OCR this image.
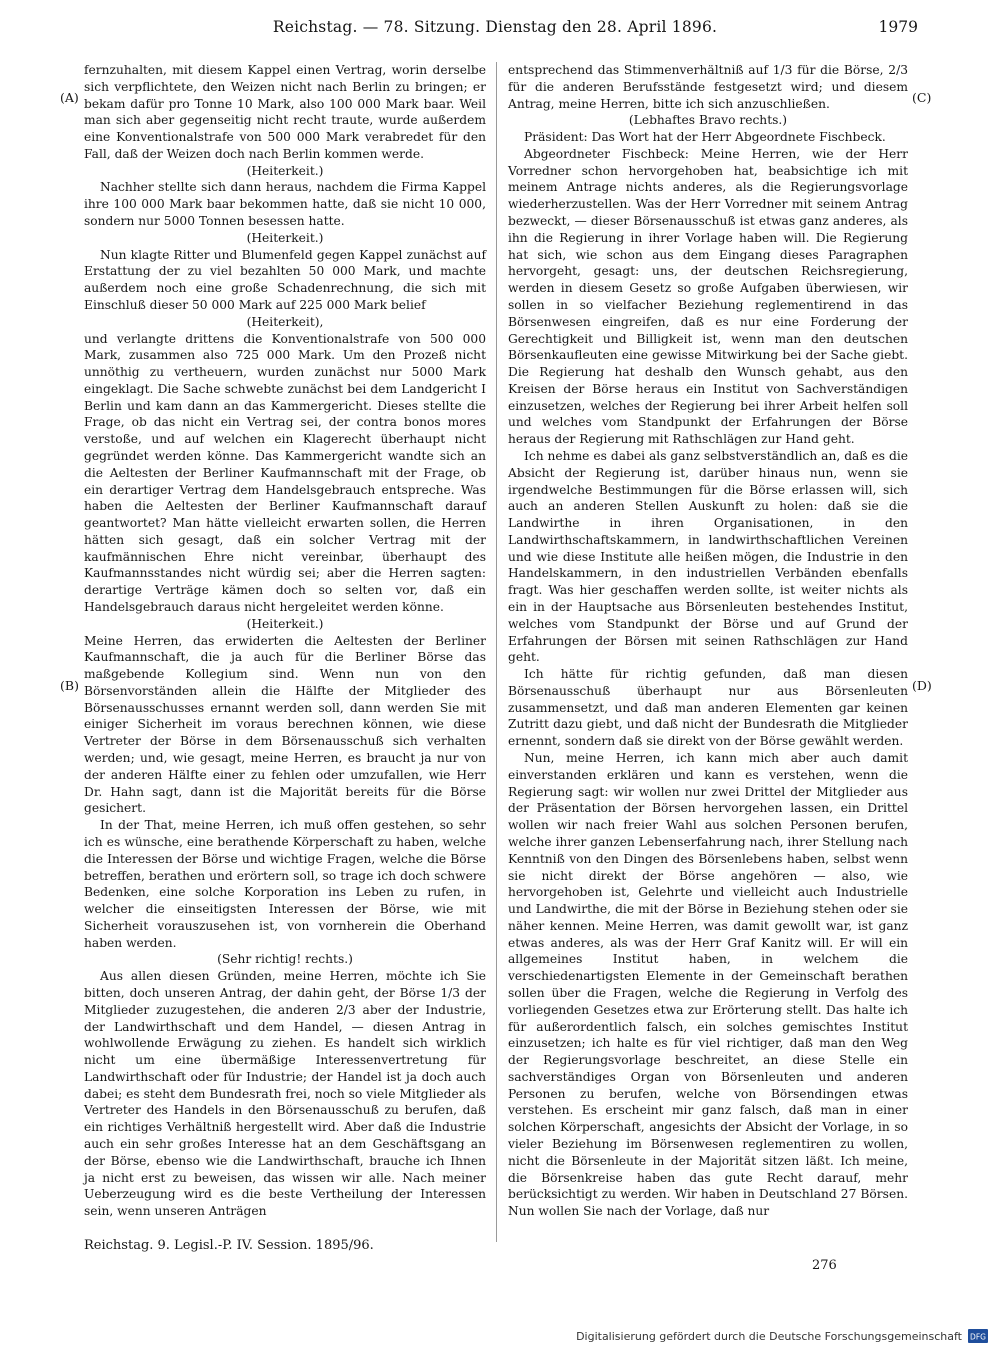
Reichstag. — 78. Sitzung. Dienstag den 28. April 1896.	1979
(A)
(B)
(C)
(D)

fernzuhalten, mit diesem Kappel einen Vertrag, worin derselbe sich verpflichtete, den Weizen nicht nach Berlin zu bringen; er bekam dafür pro Tonne 10 Mark, also 100 000 Mark baar. Weil man sich aber gegenseitig nicht recht traute, wurde außerdem eine Konventionalstrafe von 500 000 Mark verabredet für den Fall, daß der Weizen doch nach Berlin kommen werde.

(Heiterkeit.)

Nachher stellte sich dann heraus, nachdem die Firma Kappel ihre 100 000 Mark baar bekommen hatte, daß sie nicht 10 000, sondern nur 5000 Tonnen besessen hatte.

(Heiterkeit.)

Nun klagte Ritter und Blumenfeld gegen Kappel zunächst auf Erstattung der zu viel bezahlten 50 000 Mark, und machte außerdem noch eine große Schadenrechnung, die sich mit Einschluß dieser 50 000 Mark auf 225 000 Mark belief

(Heiterkeit),

und verlangte drittens die Konventionalstrafe von 500 000 Mark, zusammen also 725 000 Mark. Um den Prozeß nicht unnöthig zu vertheuern, wurden zunächst nur 5000 Mark eingeklagt. Die Sache schwebte zunächst bei dem Landgericht I Berlin und kam dann an das Kammergericht. Dieses stellte die Frage, ob das nicht ein Vertrag sei, der contra bonos mores verstoße, und auf welchen ein Klagerecht überhaupt nicht gegründet werden könne. Das Kammergericht wandte sich an die Aeltesten der Berliner Kaufmannschaft mit der Frage, ob ein derartiger Vertrag dem Handelsgebrauch entspreche. Was haben die Aeltesten der Berliner Kaufmannschaft darauf geantwortet? Man hätte vielleicht erwarten sollen, die Herren hätten sich gesagt, daß ein solcher Vertrag mit der kaufmännischen Ehre nicht vereinbar, überhaupt des Kaufmannsstandes nicht würdig sei; aber die Herren sagten: derartige Verträge kämen doch so selten vor, daß ein Handelsgebrauch daraus nicht hergeleitet werden könne.

(Heiterkeit.)

Meine Herren, das erwiderten die Aeltesten der Berliner Kaufmannschaft, die ja auch für die Berliner Börse das maßgebende Kollegium sind. Wenn nun von den Börsenvorständen allein die Hälfte der Mitglieder des Börsenausschusses ernannt werden soll, dann werden Sie mit einiger Sicherheit im voraus berechnen können, wie diese Vertreter der Börse in dem Börsenausschuß sich verhalten werden; und, wie gesagt, meine Herren, es braucht ja nur von der anderen Hälfte einer zu fehlen oder umzufallen, wie Herr Dr. Hahn sagt, dann ist die Majorität bereits für die Börse gesichert.

In der That, meine Herren, ich muß offen gestehen, so sehr ich es wünsche, eine berathende Körperschaft zu haben, welche die Interessen der Börse und wichtige Fragen, welche die Börse betreffen, berathen und erörtern soll, so trage ich doch schwere Bedenken, eine solche Korporation ins Leben zu rufen, in welcher die einseitigsten Interessen der Börse, wie mit Sicherheit vorauszusehen ist, von vornherein die Oberhand haben werden.

(Sehr richtig! rechts.)

Aus allen diesen Gründen, meine Herren, möchte ich Sie bitten, doch unseren Antrag, der dahin geht, der Börse 1/3 der Mitglieder zuzugestehen, die anderen 2/3 aber der Industrie, der Landwirthschaft und dem Handel, — diesen Antrag in wohlwollende Erwägung zu ziehen. Es handelt sich wirklich nicht um eine übermäßige Interessenvertretung für Landwirthschaft oder für Industrie; der Handel ist ja doch auch dabei; es steht dem Bundesrath frei, noch so viele Mitglieder als Vertreter des Handels in den Börsenausschuß zu berufen, daß ein richtiges Verhältniß hergestellt wird. Aber daß die Industrie auch ein sehr großes Interesse hat an dem Geschäftsgang an der Börse, ebenso wie die Landwirthschaft, brauche ich Ihnen ja nicht erst zu beweisen, das wissen wir alle. Nach meiner Ueberzeugung wird es die beste Vertheilung der Interessen sein, wenn unseren Anträgen

entsprechend das Stimmenverhältniß auf 1/3 für die Börse, 2/3 für die anderen Berufsstände festgesetzt wird; und diesem Antrag, meine Herren, bitte ich sich anzuschließen.

(Lebhaftes Bravo rechts.)

Präsident: Das Wort hat der Herr Abgeordnete Fischbeck.

Abgeordneter Fischbeck: Meine Herren, wie der Herr Vorredner schon hervorgehoben hat, beabsichtige ich mit meinem Antrage nichts anderes, als die Regierungsvorlage wiederherzustellen. Was der Herr Vorredner mit seinem Antrag bezweckt, — dieser Börsenausschuß ist etwas ganz anderes, als ihn die Regierung in ihrer Vorlage haben will. Die Regierung hat sich, wie schon aus dem Eingang dieses Paragraphen hervorgeht, gesagt: uns, der deutschen Reichsregierung, werden in diesem Gesetz so große Aufgaben überwiesen, wir sollen in so vielfacher Beziehung reglementirend in das Börsenwesen eingreifen, daß es nur eine Forderung der Gerechtigkeit und Billigkeit ist, wenn man den deutschen Börsenkaufleuten eine gewisse Mitwirkung bei der Sache giebt. Die Regierung hat deshalb den Wunsch gehabt, aus den Kreisen der Börse heraus ein Institut von Sachverständigen einzusetzen, welches der Regierung bei ihrer Arbeit helfen soll und welches vom Standpunkt der Erfahrungen der Börse heraus der Regierung mit Rathschlägen zur Hand geht.

Ich nehme es dabei als ganz selbstverständlich an, daß es die Absicht der Regierung ist, darüber hinaus nun, wenn sie irgendwelche Bestimmungen für die Börse erlassen will, sich auch an anderen Stellen Auskunft zu holen: daß sie die Landwirthe in ihren Organisationen, in den Landwirthschaftskammern, in landwirthschaftlichen Vereinen und wie diese Institute alle heißen mögen, die Industrie in den Handelskammern, in den industriellen Verbänden ebenfalls fragt. Was hier geschaffen werden sollte, ist weiter nichts als ein in der Hauptsache aus Börsenleuten bestehendes Institut, welches vom Standpunkt der Börse und auf Grund der Erfahrungen der Börsen mit seinen Rathschlägen zur Hand geht.

Ich hätte für richtig gefunden, daß man diesen Börsenausschuß überhaupt nur aus Börsenleuten zusammensetzt, und daß man anderen Elementen gar keinen Zutritt dazu giebt, und daß nicht der Bundesrath die Mitglieder ernennt, sondern daß sie direkt von der Börse gewählt werden.

Nun, meine Herren, ich kann mich aber auch damit einverstanden erklären und kann es verstehen, wenn die Regierung sagt: wir wollen nur zwei Drittel der Mitglieder aus der Präsentation der Börsen hervorgehen lassen, ein Drittel wollen wir nach freier Wahl aus solchen Personen berufen, welche ihrer ganzen Lebenserfahrung nach, ihrer Stellung nach Kenntniß von den Dingen des Börsenlebens haben, selbst wenn sie nicht direkt der Börse angehören — also, wie hervorgehoben ist, Gelehrte und vielleicht auch Industrielle und Landwirthe, die mit der Börse in Beziehung stehen oder sie näher kennen. Meine Herren, was damit gewollt war, ist ganz etwas anderes, als was der Herr Graf Kanitz will. Er will ein allgemeines Institut haben, in welchem die verschiedenartigsten Elemente in der Gemeinschaft berathen sollen über die Fragen, welche die Regierung in Verfolg des vorliegenden Gesetzes etwa zur Erörterung stellt. Das halte ich für außerordentlich falsch, ein solches gemischtes Institut einzusetzen; ich halte es für viel richtiger, daß man den Weg der Regierungsvorlage beschreitet, an diese Stelle ein sachverständiges Organ von Börsenleuten und anderen Personen zu berufen, welche von Börsendingen etwas verstehen. Es erscheint mir ganz falsch, daß man in einer solchen Körperschaft, angesichts der Absicht der Vorlage, in so vieler Beziehung im Börsenwesen reglementiren zu wollen, nicht die Börsenleute in der Majorität sitzen läßt. Ich meine, die Börsenkreise haben das gute Recht darauf, mehr berücksichtigt zu werden. Wir haben in Deutschland 27 Börsen. Nun wollen Sie nach der Vorlage, daß nur

Reichstag. 9. Legisl.-P. IV. Session. 1895/96.
276
Digitalisierung gefördert durch die Deutsche Forschungsgemeinschaft DFG
